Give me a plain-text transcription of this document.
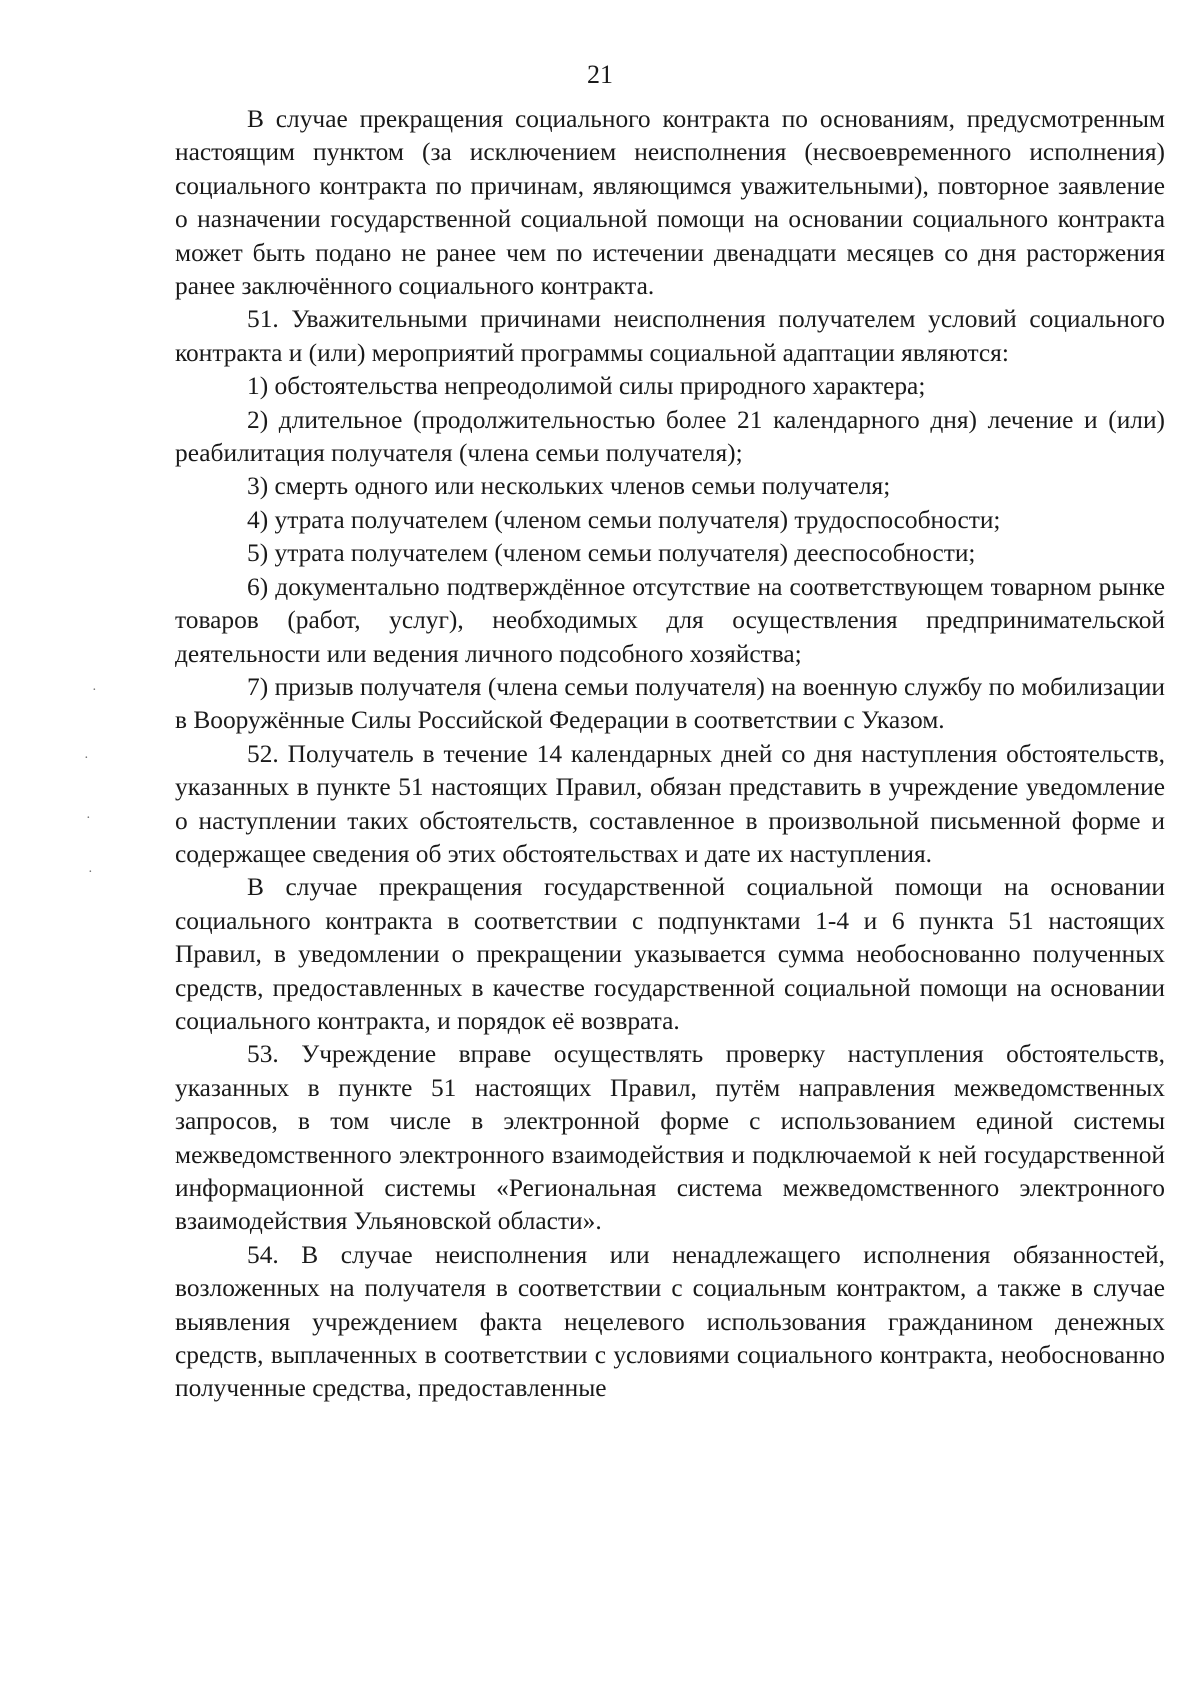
21

В случае прекращения социального контракта по основаниям, предусмотренным настоящим пунктом (за исключением неисполнения (несвоевременного исполнения) социального контракта по причинам, являющимся уважительными), повторное заявление о назначении государственной социальной помощи на основании социального контракта может быть подано не ранее чем по истечении двенадцати месяцев со дня расторжения ранее заключённого социального контракта.

51. Уважительными причинами неисполнения получателем условий социального контракта и (или) мероприятий программы социальной адаптации являются:

1) обстоятельства непреодолимой силы природного характера;

2) длительное (продолжительностью более 21 календарного дня) лечение и (или) реабилитация получателя (члена семьи получателя);

3) смерть одного или нескольких членов семьи получателя;

4) утрата получателем (членом семьи получателя) трудоспособности;

5) утрата получателем (членом семьи получателя) дееспособности;

6) документально подтверждённое отсутствие на соответствующем товарном рынке товаров (работ, услуг), необходимых для осуществления предпринимательской деятельности или ведения личного подсобного хозяйства;

7) призыв получателя (члена семьи получателя) на военную службу по мобилизации в Вооружённые Силы Российской Федерации в соответствии с Указом.

52. Получатель в течение 14 календарных дней со дня наступления обстоятельств, указанных в пункте 51 настоящих Правил, обязан представить в учреждение уведомление о наступлении таких обстоятельств, составленное в произвольной письменной форме и содержащее сведения об этих обстоятельствах и дате их наступления.

В случае прекращения государственной социальной помощи на основании социального контракта в соответствии с подпунктами 1-4 и 6 пункта 51 настоящих Правил, в уведомлении о прекращении указывается сумма необоснованно полученных средств, предоставленных в качестве государственной социальной помощи на основании социального контракта, и порядок её возврата.

53. Учреждение вправе осуществлять проверку наступления обстоятельств, указанных в пункте 51 настоящих Правил, путём направления межведомственных запросов, в том числе в электронной форме с использованием единой системы межведомственного электронного взаимодействия и подключаемой к ней государственной информационной системы «Региональная система межведомственного электронного взаимодействия Ульяновской области».

54. В случае неисполнения или ненадлежащего исполнения обязанностей, возложенных на получателя в соответствии с социальным контрактом, а также в случае выявления учреждением факта нецелевого использования гражданином денежных средств, выплаченных в соответствии с условиями социального контракта, необоснованно полученные средства, предоставленные

·
·
·
·
